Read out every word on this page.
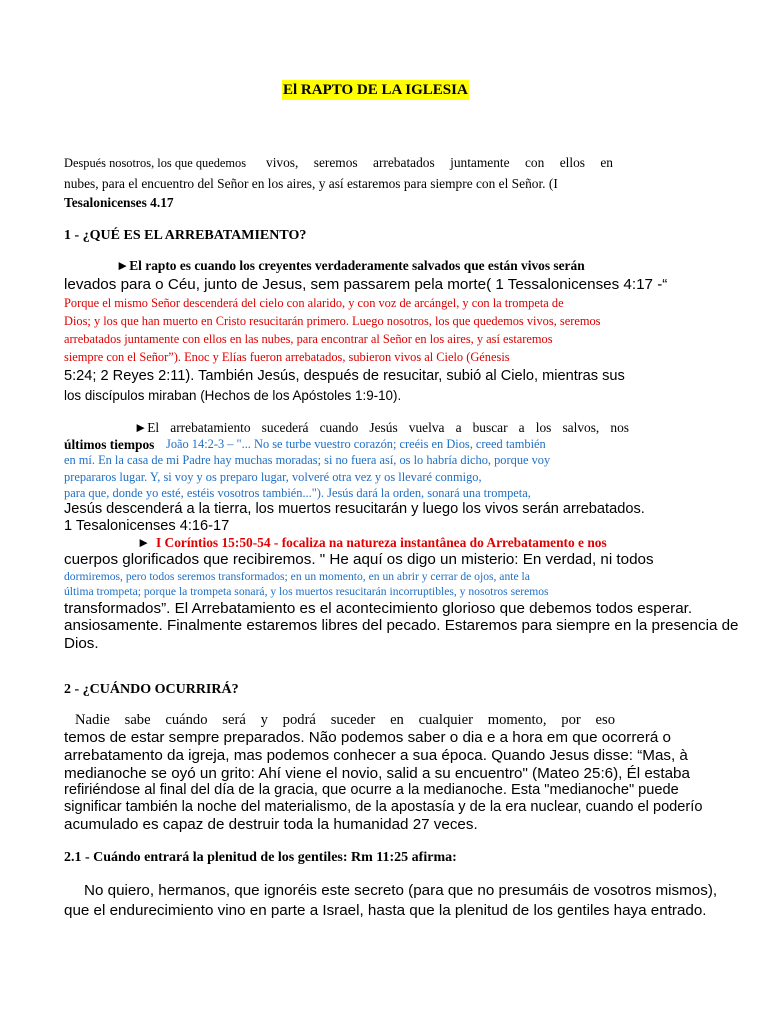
El RAPTO DE LA IGLESIA
Después nosotros, los que quedemos vivos, seremos arrebatados juntamente con ellos en
nubes, para el encuentro del Señor en los aires, y así estaremos para siempre con el Señor. (I
Tesalonicenses 4.17
1 - ¿QUÉ ES EL ARREBATAMIENTO?
►El rapto es cuando los creyentes verdaderamente salvados que están vivos serán
levados para o Céu, junto de Jesus, sem passarem pela morte( 1 Tessalonicenses 4:17 -“
Porque el mismo Señor descenderá del cielo con alarido, y con voz de arcángel, y con la trompeta de
Dios; y los que han muerto en Cristo resucitarán primero. Luego nosotros, los que quedemos vivos, seremos
arrebatados juntamente con ellos en las nubes, para encontrar al Señor en los aires, y así estaremos
siempre con el Señor”). Enoc y Elías fueron arrebatados, subieron vivos al Cielo (Génesis
5:24; 2 Reyes 2:11). También Jesús, después de resucitar, subió al Cielo, mientras sus
los discípulos miraban (Hechos de los Apóstoles 1:9-10).
►El arrebatamiento sucederá cuando Jesús vuelva a buscar a los salvos, nos
últimos tiempos João 14:2-3 – "... No se turbe vuestro corazón; creéis en Dios, creed también
en mí. En la casa de mi Padre hay muchas moradas; si no fuera así, os lo habría dicho, porque voy
prepararos lugar. Y, si voy y os preparo lugar, volveré otra vez y os llevaré conmigo,
para que, donde yo esté, estéis vosotros también..."). Jesús dará la orden, sonará una trompeta,
Jesús descenderá a la tierra, los muertos resucitarán y luego los vivos serán arrebatados.
1 Tesalonicenses 4:16-17
► I Coríntios 15:50-54 - focaliza na natureza instantânea do Arrebatamento e nos
cuerpos glorificados que recibiremos. " He aquí os digo un misterio: En verdad, ni todos
dormiremos, pero todos seremos transformados; en un momento, en un abrir y cerrar de ojos, ante la
última trompeta; porque la trompeta sonará, y los muertos resucitarán incorruptibles, y nosotros seremos
transformados”. El Arrebatamiento es el acontecimiento glorioso que debemos todos esperar.
ansiosamente. Finalmente estaremos libres del pecado. Estaremos para siempre en la presencia de
Dios.
2 - ¿CUÁNDO OCURRIRÁ?
Nadie sabe cuándo será y podrá suceder en cualquier momento, por eso
temos de estar sempre preparados. Não podemos saber o dia e a hora em que ocorrerá o
arrebatamento da igreja, mas podemos conhecer a sua época. Quando Jesus disse: “Mas, à
medianoche se oyó un grito: Ahí viene el novio, salid a su encuentro" (Mateo 25:6), Él estaba
refiriéndose al final del día de la gracia, que ocurre a la medianoche. Esta "medianoche" puede
significar también la noche del materialismo, de la apostasía y de la era nuclear, cuando el poderío
acumulado es capaz de destruir toda la humanidad 27 veces.
2.1 - Cuándo entrará la plenitud de los gentiles: Rm 11:25 afirma:
No quiero, hermanos, que ignoréis este secreto (para que no presumáis de vosotros mismos),
que el endurecimiento vino en parte a Israel, hasta que la plenitud de los gentiles haya entrado.
